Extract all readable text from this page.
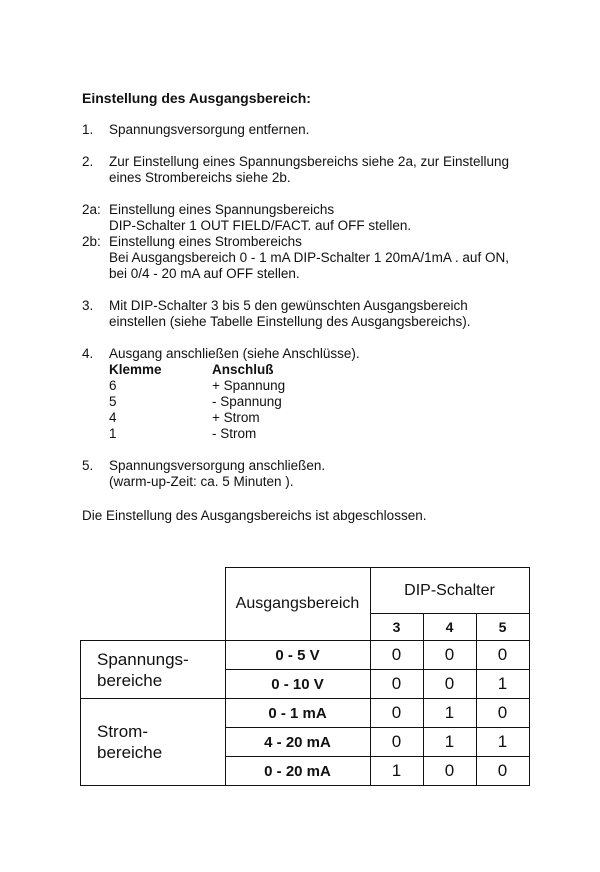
Einstellung des Ausgangsbereich:
1. Spannungsversorgung entfernen.
2. Zur Einstellung eines Spannungsbereichs siehe 2a, zur Einstellung
eines Strombereichs siehe 2b.
2a: Einstellung eines Spannungsbereichs
DIP-Schalter 1 OUT FIELD/FACT. auf OFF stellen.
2b: Einstellung eines Strombereichs
Bei Ausgangsbereich 0 - 1 mA DIP-Schalter 1 20mA/1mA . auf ON,
bei 0/4 - 20 mA auf OFF stellen.
3. Mit DIP-Schalter 3 bis 5 den gewünschten Ausgangsbereich
einstellen (siehe Tabelle Einstellung des Ausgangsbereichs).
4. Ausgang anschließen (siehe Anschlüsse).
Klemme	Anschluß
6	+ Spannung
5	- Spannung
4	+ Strom
1	- Strom
5. Spannungsversorgung anschließen.
(warm-up-Zeit: ca. 5 Minuten ).
Die Einstellung des Ausgangsbereichs ist abgeschlossen.
	Ausgangsbereich	DIP-Schalter		
		3	4	5
Spannungs-
bereiche	0 - 5 V	0	0	0
	0 - 10 V	0	0	1
Strom-
bereiche	0 - 1 mA	0	1	0
	4 - 20 mA	0	1	1
	0 - 20 mA	1	0	0
